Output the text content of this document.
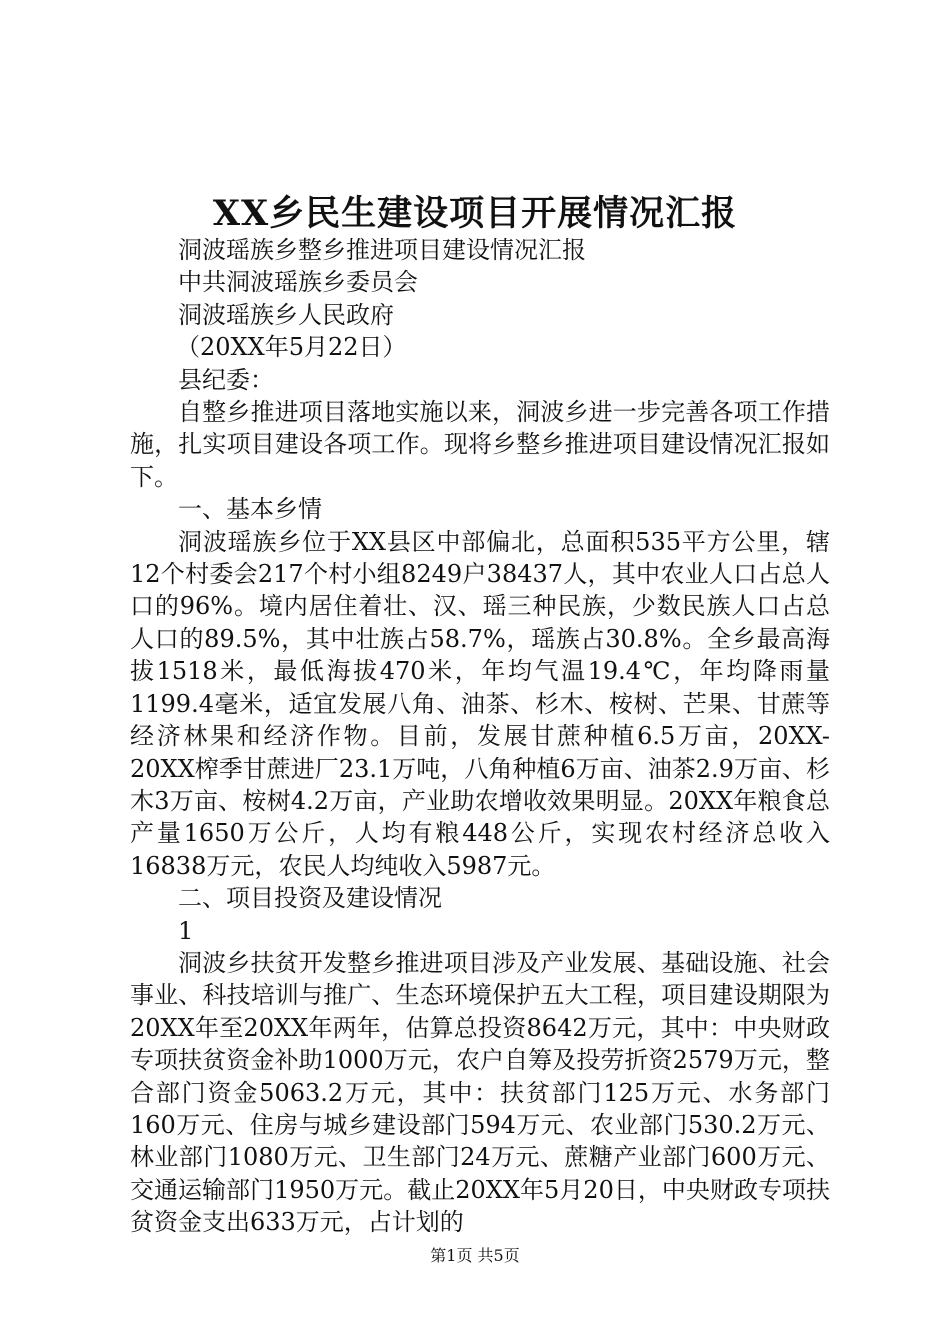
XX乡民生建设项目开展情况汇报

洞波瑶族乡整乡推进项目建设情况汇报

中共洞波瑶族乡委员会

洞波瑶族乡人民政府

（20XX年5月22日）

县纪委：

自整乡推进项目落地实施以来，洞波乡进一步完善各项工作措施，扎实项目建设各项工作。现将乡整乡推进项目建设情况汇报如下。

一、基本乡情

洞波瑶族乡位于XX县区中部偏北，总面积535平方公里，辖12个村委会217个村小组8249户38437人，其中农业人口占总人口的96%。境内居住着壮、汉、瑶三种民族，少数民族人口占总人口的89.5%，其中壮族占58.7%，瑶族占30.8%。全乡最高海拔1518米，最低海拔470米，年均气温19.4℃，年均降雨量1199.4毫米，适宜发展八角、油茶、杉木、桉树、芒果、甘蔗等经济林果和经济作物。目前，发展甘蔗种植6.5万亩，20XX-20XX榨季甘蔗进厂23.1万吨，八角种植6万亩、油茶2.9万亩、杉木3万亩、桉树4.2万亩，产业助农增收效果明显。20XX年粮食总产量1650万公斤，人均有粮448公斤，实现农村经济总收入16838万元，农民人均纯收入5987元。

二、项目投资及建设情况

1

洞波乡扶贫开发整乡推进项目涉及产业发展、基础设施、社会事业、科技培训与推广、生态环境保护五大工程，项目建设期限为20XX年至20XX年两年，估算总投资8642万元，其中：中央财政专项扶贫资金补助1000万元，农户自筹及投劳折资2579万元，整合部门资金5063.2万元，其中：扶贫部门125万元、水务部门160万元、住房与城乡建设部门594万元、农业部门530.2万元、林业部门1080万元、卫生部门24万元、蔗糖产业部门600万元、交通运输部门1950万元。截止20XX年5月20日，中央财政专项扶贫资金支出633万元，占计划的

第1页 共5页
